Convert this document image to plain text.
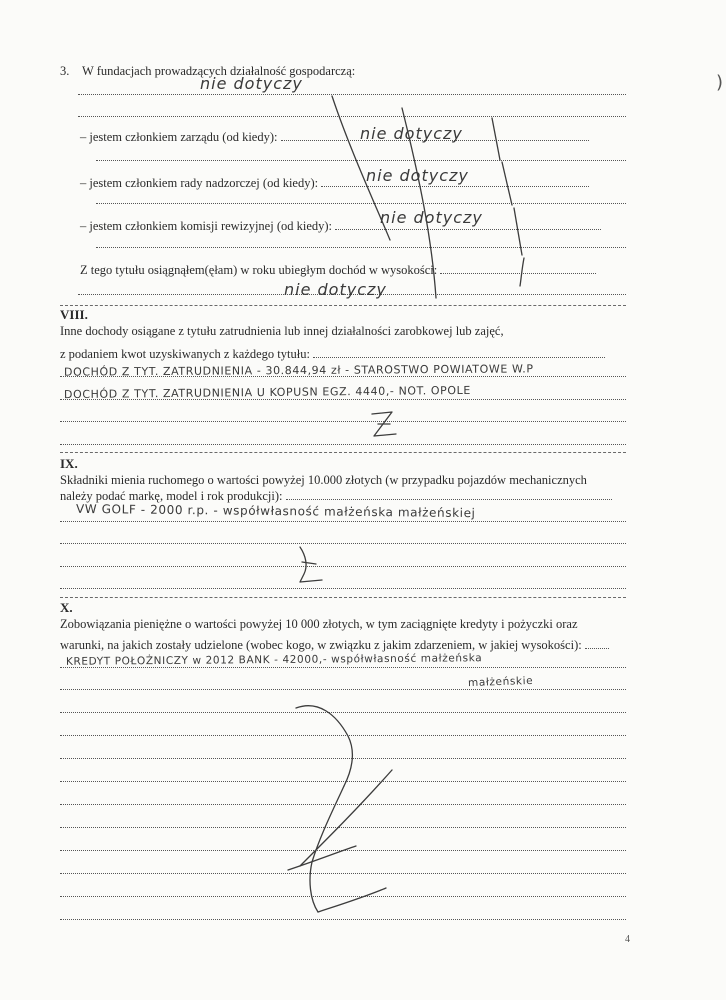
3. W fundacjach prowadzących działalność gospodarczą:
– jestem członkiem zarządu (od kiedy):
– jestem członkiem rady nadzorczej (od kiedy):
– jestem członkiem komisji rewizyjnej (od kiedy):
Z tego tytułu osiągnąłem(ęłam) w roku ubiegłym dochód w wysokości:
nie dotyczy
nie dotyczy
nie dotyczy
nie dotyczy
nie dotyczy
VIII.
Inne dochody osiągane z tytułu zatrudnienia lub innej działalności zarobkowej lub zajęć,
z podaniem kwot uzyskiwanych z każdego tytułu:
DOCHÓD Z TYT. ZATRUDNIENIA - 30.844,94 zł - STAROSTWO POWIATOWE W.P
DOCHÓD Z TYT. ZATRUDNIENIA U KOPUSN EGZ. 4440,- NOT. OPOLE
IX.
Składniki mienia ruchomego o wartości powyżej 10.000 złotych (w przypadku pojazdów mechanicznych
należy podać markę, model i rok produkcji):
VW GOLF - 2000 r.p. - współwłasność małżeńska małżeńskiej
X.
Zobowiązania pieniężne o wartości powyżej 10 000 złotych, w tym zaciągnięte kredyty i pożyczki oraz
warunki, na jakich zostały udzielone (wobec kogo, w związku z jakim zdarzeniem, w jakiej wysokości):
KREDYT POŁOŻNICZY w 2012 BANK - 42000,- współwłasność małżeńska
małżeńskie
)
4
